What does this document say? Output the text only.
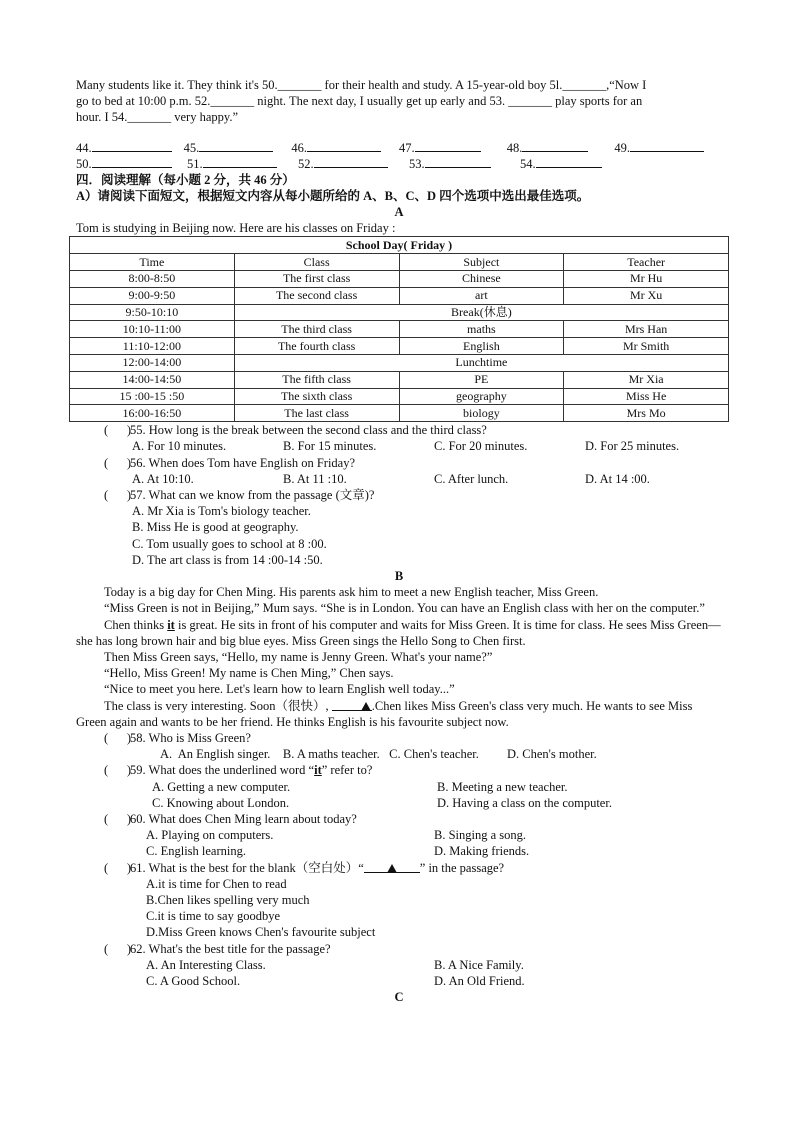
Many students like it. They think it's 50._______ for their health and study. A 15-year-old boy 5l._______,“Now I

go to bed at 10:00 p.m. 52._______ night. The next day, I usually get up early and 53. _______ play sports for an

hour. I 54._______ very happy.”

44.	45.	46.	47.	48.	49.
50.	51.	52.	53.	54.

四．阅读理解（每小题 2 分，共 46 分）

A）请阅读下面短文，根据短文内容从每小题所给的 A、B、C、D 四个选项中选出最佳选项。

A

Tom is studying in Beijing now. Here are his classes on Friday :

School Day( Friday )			
Time	Class	Subject	Teacher
8:00-8:50	The first class	Chinese	Mr Hu
9:00-9:50	The second class	art	Mr Xu
9:50-10:10	Break(休息)		
10:10-11:00	The third class	maths	Mrs Han
11:10-12:00	The fourth class	English	Mr Smith
12:00-14:00	Lunchtime		
14:00-14:50	The fifth class	PE	Mr Xia
15 :00-15 :50	The sixth class	geography	Miss He
16:00-16:50	The last class	biology	Mrs Mo
(      )
55. How long is the break between the second class and the third class?
A. For 10 minutes.	B. For 15 minutes.	C. For 20 minutes.	D. For 25 minutes.
(      )
56. When does Tom have English on Friday?
A. At 10:10.	B. At 11 :10.	C. After lunch.	D. At 14 :00.
(      )
57. What can we know from the passage (文章)?

A. Mr Xia is Tom's biology teacher.

B. Miss He is good at geography.

C. Tom usually goes to school at 8 :00.

D. The art class is from 14 :00-14 :50.

B

Today is a big day for Chen Ming. His parents ask him to meet a new English teacher, Miss Green.

“Miss Green is not in Beijing,” Mum says. “She is in London. You can have an English class with her on the computer.”

Chen thinks it is great. He sits in front of his computer and waits for Miss Green. It is time for class. He sees Miss Green—she has long brown hair and big blue eyes. Miss Green sings the Hello Song to Chen first.

Then Miss Green says, “Hello, my name is Jenny Green. What's your name?”

“Hello, Miss Green! My name is Chen Ming,” Chen says.

“Nice to meet you here. Let's learn how to learn English well today...”

The class is very interesting. Soon（很快）,	.Chen likes Miss Green's class very much. He wants to see Miss Green again and wants to be her friend. He thinks English is his favourite subject now.

(      )
58. Who is Miss Green?

A.  An English singer.    B. A maths teacher.   C. Chen's teacher.         D. Chen's mother.

(      )
59. What does the underlined word “it” refer to?
A. Getting a new computer.	B. Meeting a new teacher.
C. Knowing about London.	D. Having a class on the computer.
(      )
60. What does Chen Ming learn about today?
A. Playing on computers.	B. Singing a song.
C. English learning.	D. Making friends.
(      )
61. What is the best for the blank（空白处）“	” in the passage?

A.it is time for Chen to read

B.Chen likes spelling very much

C.it is time to say goodbye

D.Miss Green knows Chen's favourite subject

(      )
62. What's the best title for the passage?
A. An Interesting Class.	B. A Nice Family.
C. A Good School.	D. An Old Friend.

C
